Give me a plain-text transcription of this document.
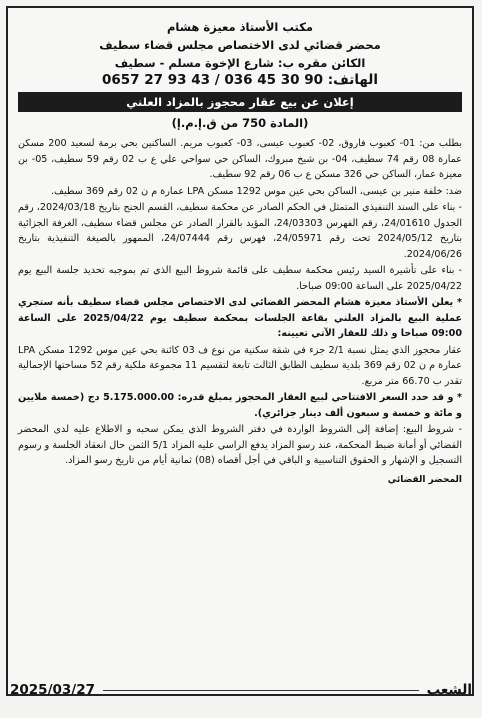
مكتب الأستاذ معيزة هشام
محضر قضائي لدى الاختصاص مجلس قضاء سطيف
الكائن مقره ب: شارع الإخوة مسلم - سطيف
الهاتف: 90 30 45 036 / 43 93 27 0657
إعلان عن بيع عقار محجوز بالمزاد العلني
(المادة 750 من ق.إ.م.إ)

بطلب من: 01- كعبوب فاروق، 02- كعبوب عيسى، 03- كعبوب مريم. الساكنين بحي برمة لسعيد 200 مسكن عمارة 08 رقم 74 سطيف، 04- بن شيخ مبروك، الساكن حي سواحي علي ع ب 02 رقم 59 سطيف، 05- بن معيزة عمار، الساكن حي 326 مسكن ع ب 06 رقم 92 سطيف.

ضد: خلفة منير بن عيسى، الساكن بحي عين موس 1292 مسكن LPA عمارة م ن 02 رقم 369 سطيف.

- بناء على السند التنفيذي المتمثل في الحكم الصادر عن محكمة سطيف، القسم الجنح بتاريخ 2024/03/18، رقم الجدول 24/01610، رقم الفهرس 24/03303، المؤيد بالقرار الصادر عن مجلس قضاء سطيف، الغرفة الجزائية بتاريخ 2024/05/12 تحت رقم 24/05971، فهرس رقم 24/07444، الممهور بالصيغة التنفيذية بتاريخ 2024/06/26.

- بناء على تأشيرة السيد رئيس محكمة سطيف على قائمة شروط البيع الذي تم بموجبه تحديد جلسة البيع يوم 2025/04/22 على الساعة 09:00 صباحا.

* يعلن الأستاذ معيزة هشام المحضر القضائي لدى الاختصاص مجلس قضاء سطيف بأنه ستجري عملية البيع بالمزاد العلني بقاعة الجلسات بمحكمة سطيف يوم 2025/04/22 على الساعة 09:00 صباحا و ذلك للعقار الآتي تعيينه:

عقار محجوز الذي يمثل نسبة 2/1 جزء في شقة سكنية من نوع ف 03 كائنة بحي عين موس 1292 مسكن LPA عمارة م ن 02 رقم 369 بلدية سطيف الطابق الثالث تابعة لتقسيم 11 مجموعة ملكية رقم 52 مساحتها الإجمالية تقدر ب 66.70 متر مربع.

* و قد حدد السعر الافتتاحي لبيع العقار المحجوز بمبلغ قدره: 5.175.000.00 دج (خمسة ملايين و مائة و خمسة و سبعون ألف دينار جزائري).

- شروط البيع: إضافة إلى الشروط الواردة في دفتر الشروط الذي يمكن سحبه و الاطلاع عليه لدى المحضر القضائي أو أمانة ضبط المحكمة، عند رسو المزاد يدفع الراسي عليه المزاد 5/1 الثمن حال انعقاد الجلسة و رسوم التسجيل و الإشهار و الحقوق التناسبية و الباقي في أجل أقصاه (08) ثمانية أيام من تاريخ رسو المزاد.

المحضر القضائي
الشعب
2025/03/27
